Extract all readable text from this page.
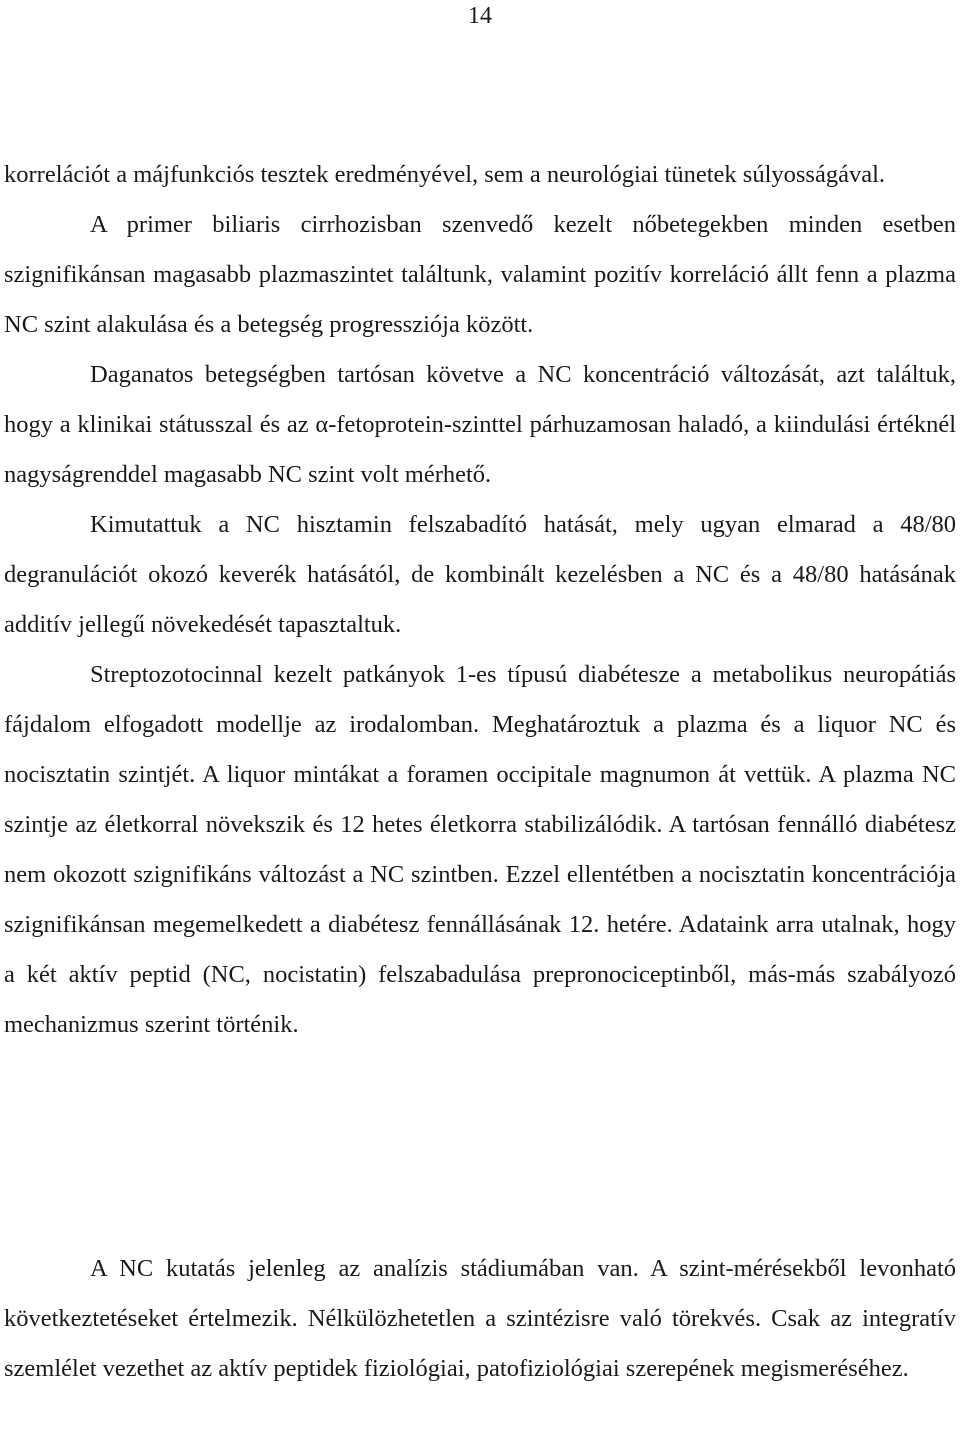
14

korrelációt a májfunkciós tesztek eredményével, sem a neurológiai tünetek súlyosságával.

A primer biliaris cirrhozisban szenvedő kezelt nőbetegekben minden esetben szignifikánsan magasabb plazmaszintet találtunk, valamint pozitív korreláció állt fenn a plazma NC szint alakulása és a betegség progressziója között.

Daganatos betegségben tartósan követve a NC koncentráció változását, azt találtuk, hogy a klinikai státusszal és az α-fetoprotein-szinttel párhuzamosan haladó, a kiindulási értéknél nagyságrenddel magasabb NC szint volt mérhető.

Kimutattuk a NC hisztamin felszabadító hatását, mely ugyan elmarad a 48/80 degranulációt okozó keverék hatásától, de kombinált kezelésben a NC és a 48/80 hatásának additív jellegű növekedését tapasztaltuk.

Streptozotocinnal kezelt patkányok 1-es típusú diabétesze a metabolikus neuropátiás fájdalom elfogadott modellje az irodalomban. Meghatároztuk a plazma és a liquor NC és nocisztatin szintjét. A liquor mintákat a foramen occipitale magnumon át vettük. A plazma NC szintje az életkorral növekszik és 12 hetes életkorra stabilizálódik. A tartósan fennálló diabétesz nem okozott szignifikáns változást a NC szintben. Ezzel ellentétben a nocisztatin koncentrációja szignifikánsan megemelkedett a diabétesz fennállásának 12. hetére. Adataink arra utalnak, hogy a két aktív peptid (NC, nocistatin) felszabadulása prepronociceptinből, más-más szabályozó mechanizmus szerint történik.

A NC kutatás jelenleg az analízis stádiumában van. A szint-mérésekből levonható következtetéseket értelmezik. Nélkülözhetetlen a szintézisre való törekvés. Csak az integratív szemlélet vezethet az aktív peptidek fiziológiai, patofiziológiai szerepének megismeréséhez.
